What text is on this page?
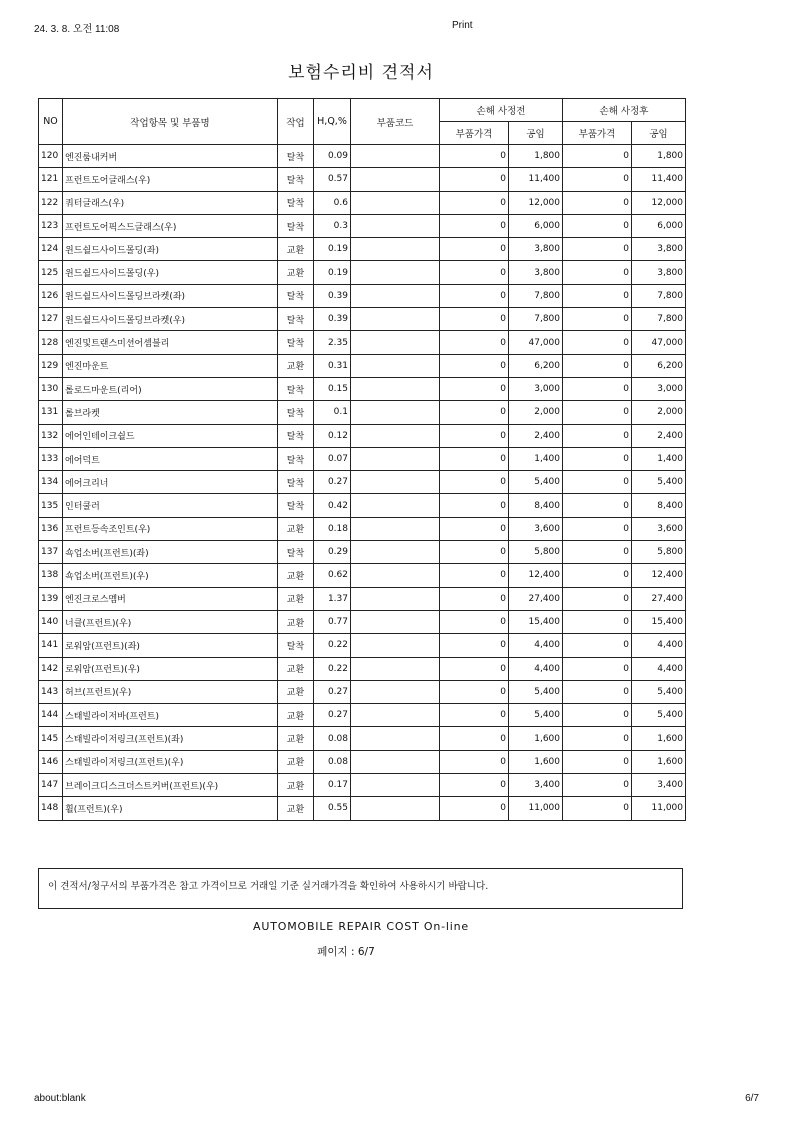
24. 3. 8. 오전 11:08	Print
보험수리비 견적서
NO	작업항목 및 부품명	작업	H,Q,%	부품코드	손해 사정전		손해 사정후	
					부품가격	공임	부품가격	공임
120	엔진룸내커버	탈착	0.09		0	1,800	0	1,800
121	프런트도어글래스(우)	탈착	0.57		0	11,400	0	11,400
122	쿼터글래스(우)	탈착	0.6		0	12,000	0	12,000
123	프런트도어픽스드글래스(우)	탈착	0.3		0	6,000	0	6,000
124	윈드쉴드사이드몰딩(좌)	교환	0.19		0	3,800	0	3,800
125	윈드쉴드사이드몰딩(우)	교환	0.19		0	3,800	0	3,800
126	윈드쉴드사이드몰딩브라켓(좌)	탈착	0.39		0	7,800	0	7,800
127	윈드쉴드사이드몰딩브라켓(우)	탈착	0.39		0	7,800	0	7,800
128	엔진및트랜스미션어셈블리	탈착	2.35		0	47,000	0	47,000
129	엔진마운트	교환	0.31		0	6,200	0	6,200
130	롤로드마운트(리어)	탈착	0.15		0	3,000	0	3,000
131	롤브라켓	탈착	0.1		0	2,000	0	2,000
132	에어인테이크쉴드	탈착	0.12		0	2,400	0	2,400
133	에어덕트	탈착	0.07		0	1,400	0	1,400
134	에어크리너	탈착	0.27		0	5,400	0	5,400
135	인터쿨러	탈착	0.42		0	8,400	0	8,400
136	프런트등속조인트(우)	교환	0.18		0	3,600	0	3,600
137	쇽업소버(프런트)(좌)	탈착	0.29		0	5,800	0	5,800
138	쇽업소버(프런트)(우)	교환	0.62		0	12,400	0	12,400
139	엔진크로스멤버	교환	1.37		0	27,400	0	27,400
140	너클(프런트)(우)	교환	0.77		0	15,400	0	15,400
141	로워암(프런트)(좌)	탈착	0.22		0	4,400	0	4,400
142	로워암(프런트)(우)	교환	0.22		0	4,400	0	4,400
143	허브(프런트)(우)	교환	0.27		0	5,400	0	5,400
144	스태빌라이저바(프런트)	교환	0.27		0	5,400	0	5,400
145	스태빌라이저링크(프런트)(좌)	교환	0.08		0	1,600	0	1,600
146	스태빌라이저링크(프런트)(우)	교환	0.08		0	1,600	0	1,600
147	브레이크디스크더스트커버(프런트)(우)	교환	0.17		0	3,400	0	3,400
148	휠(프런트)(우)	교환	0.55		0	11,000	0	11,000
이 견적서/청구서의 부품가격은 참고 가격이므로 거래일 기준 실거래가격을 확인하여 사용하시기 바랍니다.
AUTOMOBILE REPAIR COST On-line
페이지 : 6/7
about:blank	6/7
